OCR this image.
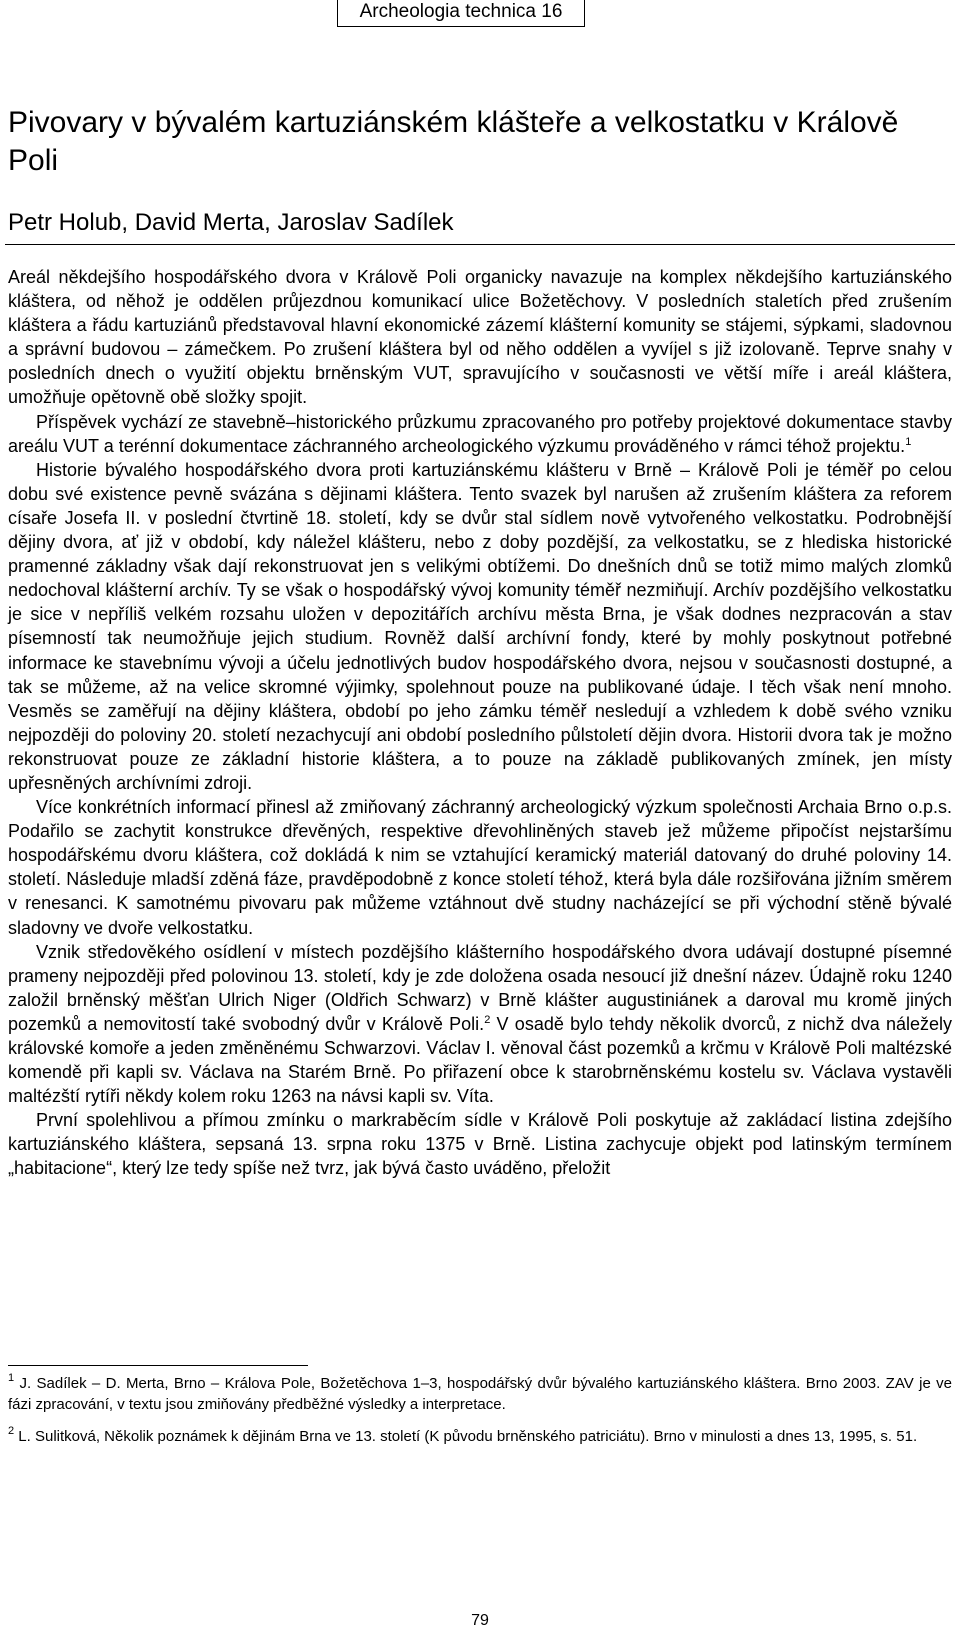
Archeologia technica 16
Pivovary v bývalém kartuziánském klášteře a velkostatku v Králově Poli
Petr Holub, David Merta, Jaroslav Sadílek

Areál někdejšího hospodářského dvora v Králově Poli organicky navazuje na komplex někdejšího kartuziánského kláštera, od něhož je oddělen průjezdnou komunikací ulice Božetěchovy. V posledních staletích před zrušením kláštera a řádu kartuziánů představoval hlavní ekonomické zázemí klášterní komunity se stájemi, sýpkami, sladovnou a správní budovou – zámečkem. Po zrušení kláštera byl od něho oddělen a vyvíjel s již izolovaně. Teprve snahy v posledních dnech o využití objektu brněnským VUT, spravujícího v současnosti ve větší míře i areál kláštera, umožňuje opětovně obě složky spojit.

Příspěvek vychází ze stavebně–historického průzkumu zpracovaného pro potřeby projektové dokumentace stavby areálu VUT a terénní dokumentace záchranného archeologického výzkumu prováděného v rámci téhož projektu.$^1$

Historie bývalého hospodářského dvora proti kartuziánskému klášteru v Brně – Králově Poli je téměř po celou dobu své existence pevně svázána s dějinami kláštera. Tento svazek byl narušen až zrušením kláštera za reforem císaře Josefa II. v poslední čtvrtině 18. století, kdy se dvůr stal sídlem nově vytvořeného velkostatku. Podrobnější dějiny dvora, ať již v období, kdy náležel klášteru, nebo z doby pozdější, za velkostatku, se z hlediska historické pramenné základny však dají rekonstruovat jen s velikými obtížemi. Do dnešních dnů se totiž mimo malých zlomků nedochoval klášterní archív. Ty se však o hospodářský vývoj komunity téměř nezmiňují. Archív pozdějšího velkostatku je sice v nepříliš velkém rozsahu uložen v depozitářích archívu města Brna, je však dodnes nezpracován a stav písemností tak neumožňuje jejich studium. Rovněž další archívní fondy, které by mohly poskytnout potřebné informace ke stavebnímu vývoji a účelu jednotlivých budov hospodářského dvora, nejsou v současnosti dostupné, a tak se můžeme, až na velice skromné výjimky, spolehnout pouze na publikované údaje. I těch však není mnoho. Vesměs se zaměřují na dějiny kláštera, období po jeho zámku téměř nesledují a vzhledem k době svého vzniku nejpozději do poloviny 20. století nezachycují ani období posledního půlstoletí dějin dvora. Historii dvora tak je možno rekonstruovat pouze ze základní historie kláštera, a to pouze na základě publikovaných zmínek, jen místy upřesněných archívními zdroji.

Více konkrétních informací přinesl až zmiňovaný záchranný archeologický výzkum společnosti Archaia Brno o.p.s. Podařilo se zachytit konstrukce dřevěných, respektive dřevohliněných staveb jež můžeme připočíst nejstaršímu hospodářskému dvoru kláštera, což dokládá k nim se vztahující keramický materiál datovaný do druhé poloviny 14. století. Následuje mladší zděná fáze, pravděpodobně z konce století téhož, která byla dále rozšiřována jižním směrem v renesanci. K samotnému pivovaru pak můžeme vztáhnout dvě studny nacházející se při východní stěně bývalé sladovny ve dvoře velkostatku.

Vznik středověkého osídlení v místech pozdějšího klášterního hospodářského dvora udávají dostupné písemné prameny nejpozději před polovinou 13. století, kdy je zde doložena osada nesoucí již dnešní název. Údajně roku 1240 založil brněnský měšťan Ulrich Niger (Oldřich Schwarz) v Brně klášter augustiniánek a daroval mu kromě jiných pozemků a nemovitostí také svobodný dvůr v Králově Poli.$^2$ V osadě bylo tehdy několik dvorců, z nichž dva náležely královské komoře a jeden změněnému Schwarzovi. Václav I. věnoval část pozemků a krčmu v Králově Poli maltézské komendě při kapli sv. Václava na Starém Brně. Po přiřazení obce k starobrněnskému kostelu sv. Václava vystavěli maltézští rytíři někdy kolem roku 1263 na návsi kapli sv. Víta.

První spolehlivou a přímou zmínku o markraběcím sídle v Králově Poli poskytuje až zakládací listina zdejšího kartuziánského kláštera, sepsaná 13. srpna roku 1375 v Brně. Listina zachycuje objekt pod latinským termínem „habitacione“, který lze tedy spíše než tvrz, jak bývá často uváděno, přeložit

$^1$ J. Sadílek – D. Merta, Brno – Králova Pole, Božetěchova 1–3, hospodářský dvůr bývalého kartuziánského kláštera. Brno 2003. ZAV je ve fázi zpracování, v textu jsou zmiňovány předběžné výsledky a interpretace.

$^2$ L. Sulitková, Několik poznámek k dějinám Brna ve 13. století (K původu brněnského patriciátu). Brno v minulosti a dnes 13, 1995, s. 51.

79
